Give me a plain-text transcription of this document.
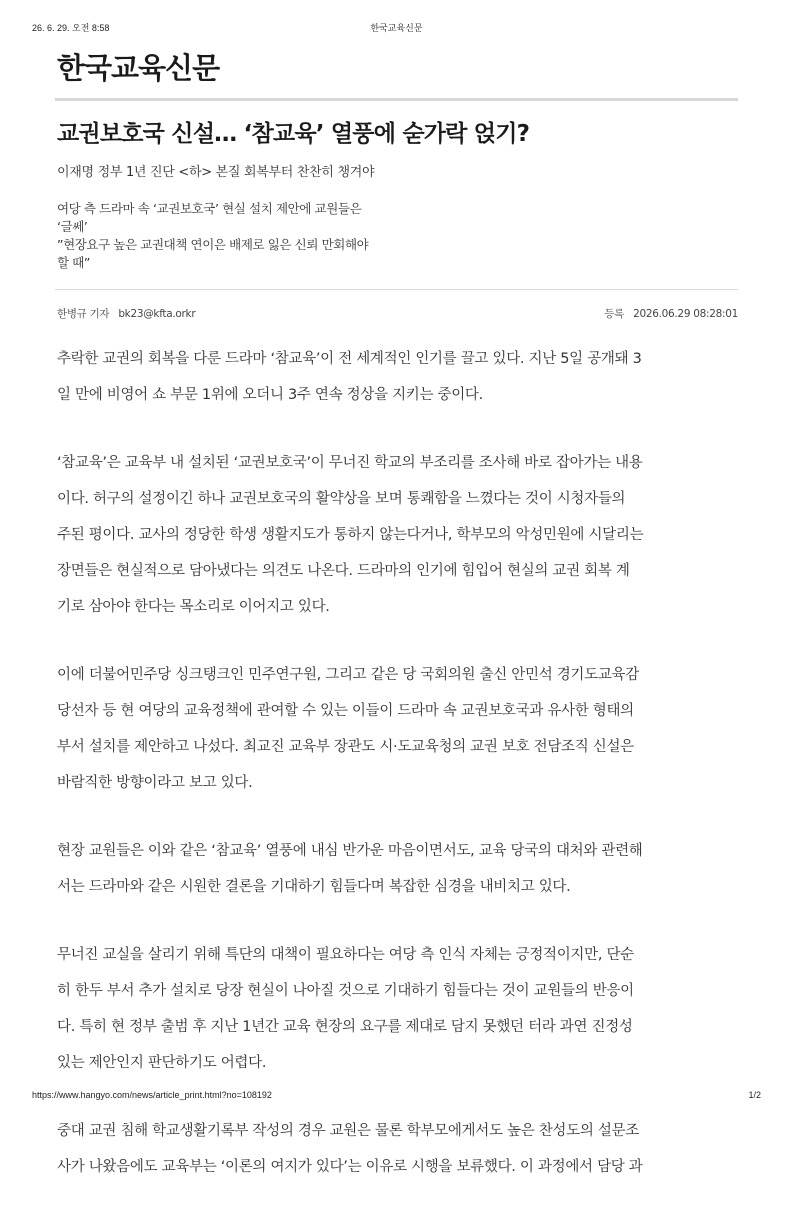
26. 6. 29. 오전 8:58	한국교육신문
한국교육신문
교권보호국 신설… ‘참교육’ 열풍에 숟가락 얹기?
이재명 정부 1년 진단 <하> 본질 회복부터 찬찬히 챙겨야
여당 측 드라마 속 ‘교권보호국’ 현실 설치 제안에 교원들은
‘글쎄’
”현장요구 높은 교권대책 연이은 배제로 잃은 신뢰 만회해야
할 때”
한병규 기자 bk23@kfta.orkr	등록 2026.06.29 08:28:01
추락한 교권의 회복을 다룬 드라마 ‘참교육’이 전 세계적인 인기를 끌고 있다. 지난 5일 공개돼 3
일 만에 비영어 쇼 부문 1위에 오더니 3주 연속 정상을 지키는 중이다.
‘참교육’은 교육부 내 설치된 ‘교권보호국’이 무너진 학교의 부조리를 조사해 바로 잡아가는 내용
이다. 허구의 설정이긴 하나 교권보호국의 활약상을 보며 통쾌함을 느꼈다는 것이 시청자들의
주된 평이다. 교사의 정당한 학생 생활지도가 통하지 않는다거나, 학부모의 악성민원에 시달리는
장면들은 현실적으로 담아냈다는 의견도 나온다. 드라마의 인기에 힘입어 현실의 교권 회복 계
기로 삼아야 한다는 목소리로 이어지고 있다.
이에 더불어민주당 싱크탱크인 민주연구원, 그리고 같은 당 국회의원 출신 안민석 경기도교육감
당선자 등 현 여당의 교육정책에 관여할 수 있는 이들이 드라마 속 교권보호국과 유사한 형태의
부서 설치를 제안하고 나섰다. 최교진 교육부 장관도 시·도교육청의 교권 보호 전담조직 신설은
바람직한 방향이라고 보고 있다.
현장 교원들은 이와 같은 ‘참교육’ 열풍에 내심 반가운 마음이면서도, 교육 당국의 대처와 관련해
서는 드라마와 같은 시원한 결론을 기대하기 힘들다며 복잡한 심경을 내비치고 있다.
무너진 교실을 살리기 위해 특단의 대책이 필요하다는 여당 측 인식 자체는 긍정적이지만, 단순
히 한두 부서 추가 설치로 당장 현실이 나아질 것으로 기대하기 힘들다는 것이 교원들의 반응이
다. 특히 현 정부 출범 후 지난 1년간 교육 현장의 요구를 제대로 담지 못했던 터라 과연 진정성
있는 제안인지 판단하기도 어렵다.
중대 교권 침해 학교생활기록부 작성의 경우 교원은 물론 학부모에게서도 높은 찬성도의 설문조
사가 나왔음에도 교육부는 ‘이론의 여지가 있다’는 이유로 시행을 보류했다. 이 과정에서 담당 과
https://www.hangyo.com/news/article_print.html?no=108192	1/2
